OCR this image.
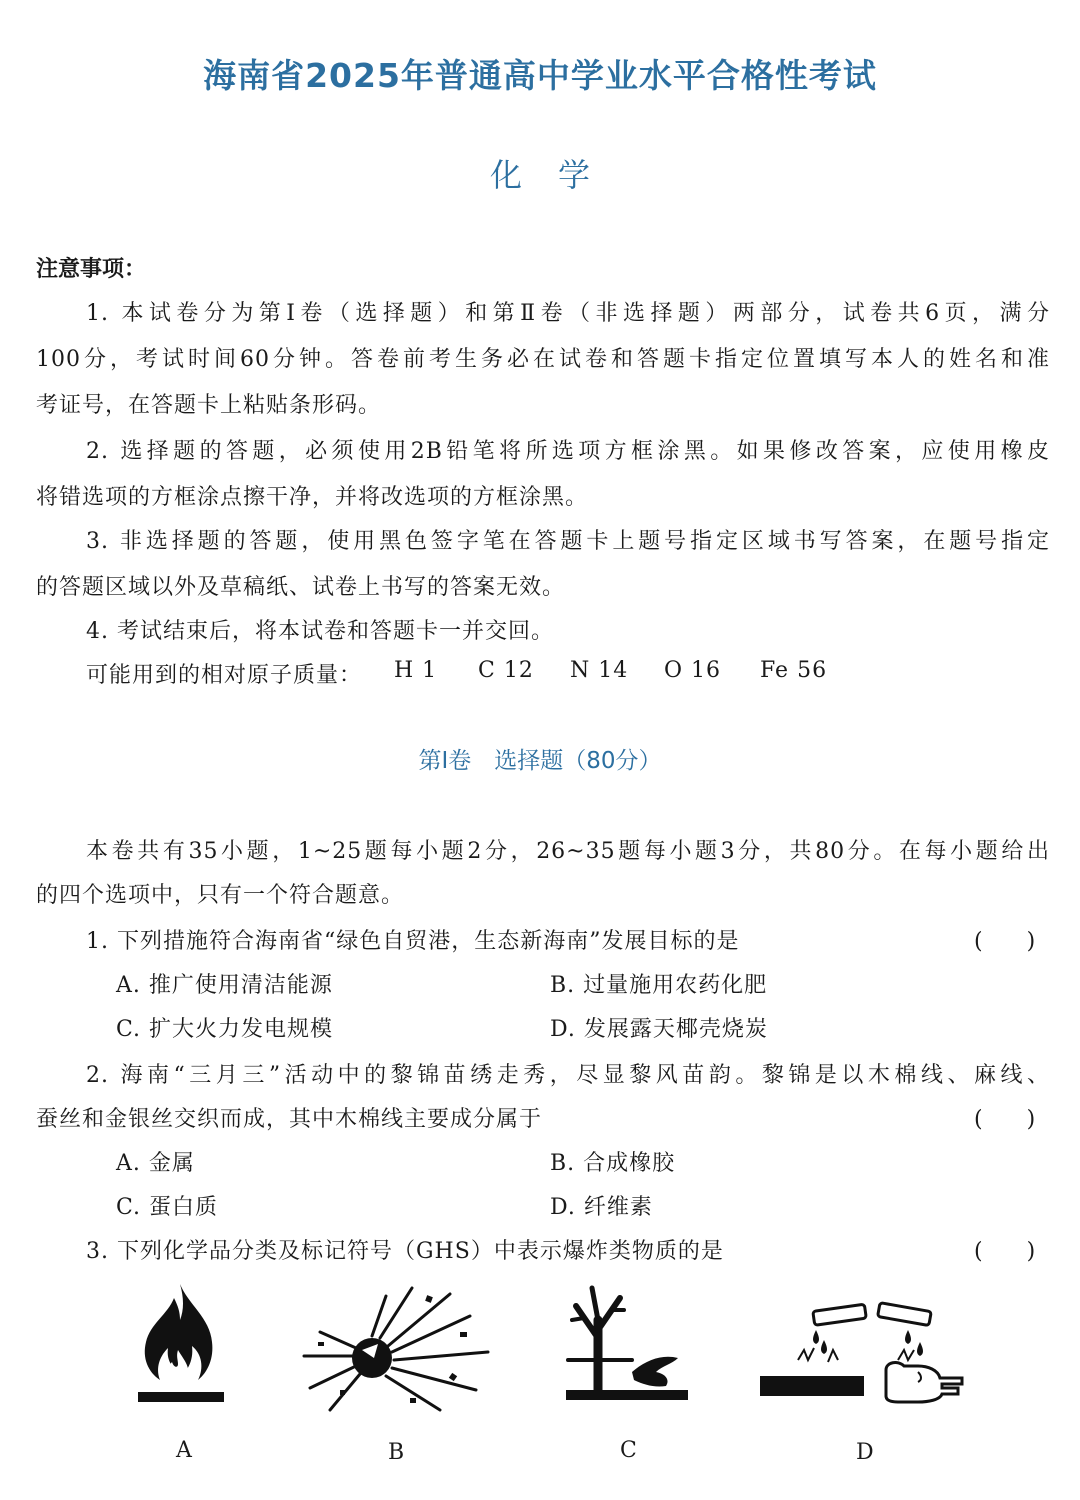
海南省2025年普通高中学业水平合格性考试
化学
注意事项：
1. 本试卷分为第Ⅰ卷（选择题）和第Ⅱ卷（非选择题）两部分，试卷共6页，满分
100分，考试时间60分钟。答卷前考生务必在试卷和答题卡指定位置填写本人的姓名和准
考证号，在答题卡上粘贴条形码。
2. 选择题的答题，必须使用2B铅笔将所选项方框涂黑。如果修改答案，应使用橡皮
将错选项的方框涂点擦干净，并将改选项的方框涂黑。
3. 非选择题的答题，使用黑色签字笔在答题卡上题号指定区域书写答案，在题号指定
的答题区域以外及草稿纸、试卷上书写的答案无效。
4. 考试结束后，将本试卷和答题卡一并交回。
可能用到的相对原子质量： H 1 C 12 N 14 O 16 Fe 56
第Ⅰ卷　选择题（80分）
本卷共有35小题，1~25题每小题2分，26~35题每小题3分，共80分。在每小题给出
的四个选项中，只有一个符合题意。
1. 下列措施符合海南省“绿色自贸港，生态新海南”发展目标的是	(　　)
A. 推广使用清洁能源	B. 过量施用农药化肥
C. 扩大火力发电规模	D. 发展露天椰壳烧炭
2. 海南“三月三”活动中的黎锦苗绣走秀，尽显黎风苗韵。黎锦是以木棉线、麻线、
蚕丝和金银丝交织而成，其中木棉线主要成分属于	(　　)
A. 金属	B. 合成橡胶
C. 蛋白质	D. 纤维素
3. 下列化学品分类及标记符号（GHS）中表示爆炸类物质的是	(　　)
A	B	C	D
